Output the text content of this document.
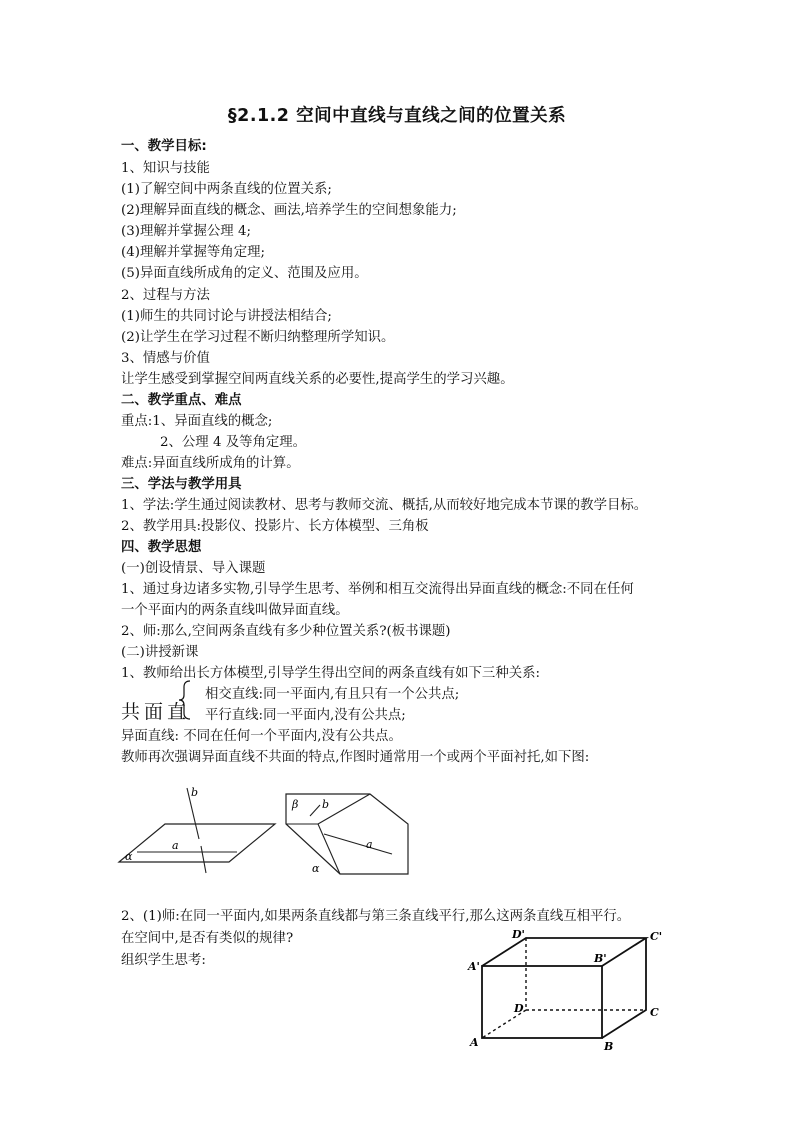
§2.1.2 空间中直线与直线之间的位置关系
一、教学目标:
1、知识与技能
(1)了解空间中两条直线的位置关系;
(2)理解异面直线的概念、画法,培养学生的空间想象能力;
(3)理解并掌握公理 4;
(4)理解并掌握等角定理;
(5)异面直线所成角的定义、范围及应用。
2、过程与方法
(1)师生的共同讨论与讲授法相结合;
(2)让学生在学习过程不断归纳整理所学知识。
3、情感与价值
让学生感受到掌握空间两直线关系的必要性,提高学生的学习兴趣。
二、教学重点、难点
重点:1、异面直线的概念;
2、公理 4 及等角定理。
难点:异面直线所成角的计算。
三、学法与教学用具
1、学法:学生通过阅读教材、思考与教师交流、概括,从而较好地完成本节课的教学目标。
2、教学用具:投影仪、投影片、长方体模型、三角板
四、教学思想
(一)创设情景、导入课题
1、通过身边诸多实物,引导学生思考、举例和相互交流得出异面直线的概念:不同在任何
一个平面内的两条直线叫做异面直线。
2、师:那么,空间两条直线有多少种位置关系?(板书课题)
(二)讲授新课
1、教师给出长方体模型,引导学生得出空间的两条直线有如下三种关系:
共面直
相交直线:同一平面内,有且只有一个公共点;
平行直线:同一平面内,没有公共点;
异面直线: 不同在任何一个平面内,没有公共点。
教师再次强调异面直线不共面的特点,作图时通常用一个或两个平面衬托,如下图:
b
a
α
β b
a
α
2、(1)师:在同一平面内,如果两条直线都与第三条直线平行,那么这两条直线互相平行。
在空间中,是否有类似的规律?
组织学生思考:
D'	C'
A'
B'
D	C
A	B
